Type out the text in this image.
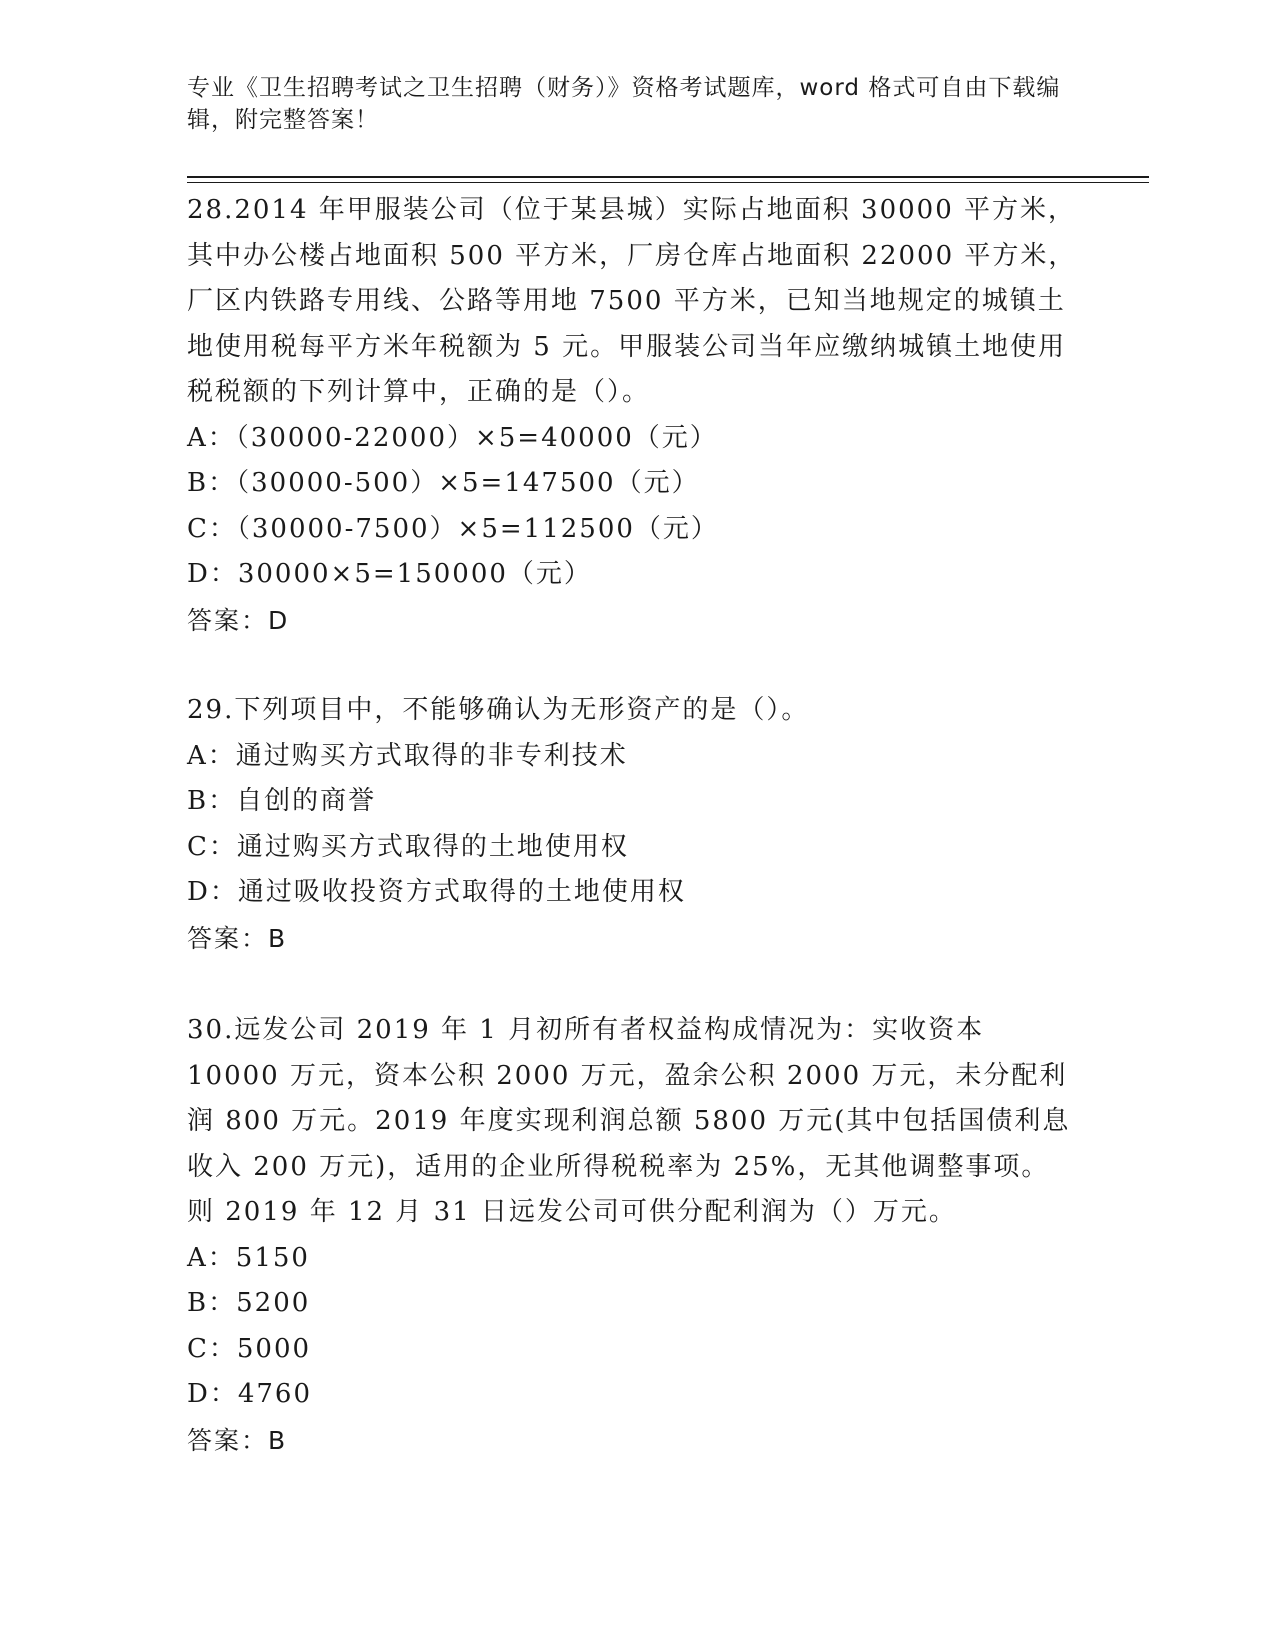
专业《卫生招聘考试之卫生招聘（财务）》资格考试题库，word 格式可自由下载编辑，附完整答案！

28.2014 年甲服装公司（位于某县城）实际占地面积 30000 平方米，其中办公楼占地面积 500 平方米，厂房仓库占地面积 22000 平方米，厂区内铁路专用线、公路等用地 7500 平方米，已知当地规定的城镇土地使用税每平方米年税额为 5 元。甲服装公司当年应缴纳城镇土地使用税税额的下列计算中，正确的是（）。

A：（30000-22000）×5=40000（元）

B：（30000-500）×5=147500（元）

C：（30000-7500）×5=112500（元）

D：30000×5=150000（元）

答案：D

29.下列项目中，不能够确认为无形资产的是（）。

A：通过购买方式取得的非专利技术

B：自创的商誉

C：通过购买方式取得的土地使用权

D：通过吸收投资方式取得的土地使用权

答案：B

30.远发公司 2019 年 1 月初所有者权益构成情况为：实收资本 10000 万元，资本公积 2000 万元，盈余公积 2000 万元，未分配利润 800 万元。2019 年度实现利润总额 5800 万元(其中包括国债利息收入 200 万元)，适用的企业所得税税率为 25%，无其他调整事项。则 2019 年 12 月 31 日远发公司可供分配利润为（）万元。

A：5150

B：5200

C：5000

D：4760

答案：B
